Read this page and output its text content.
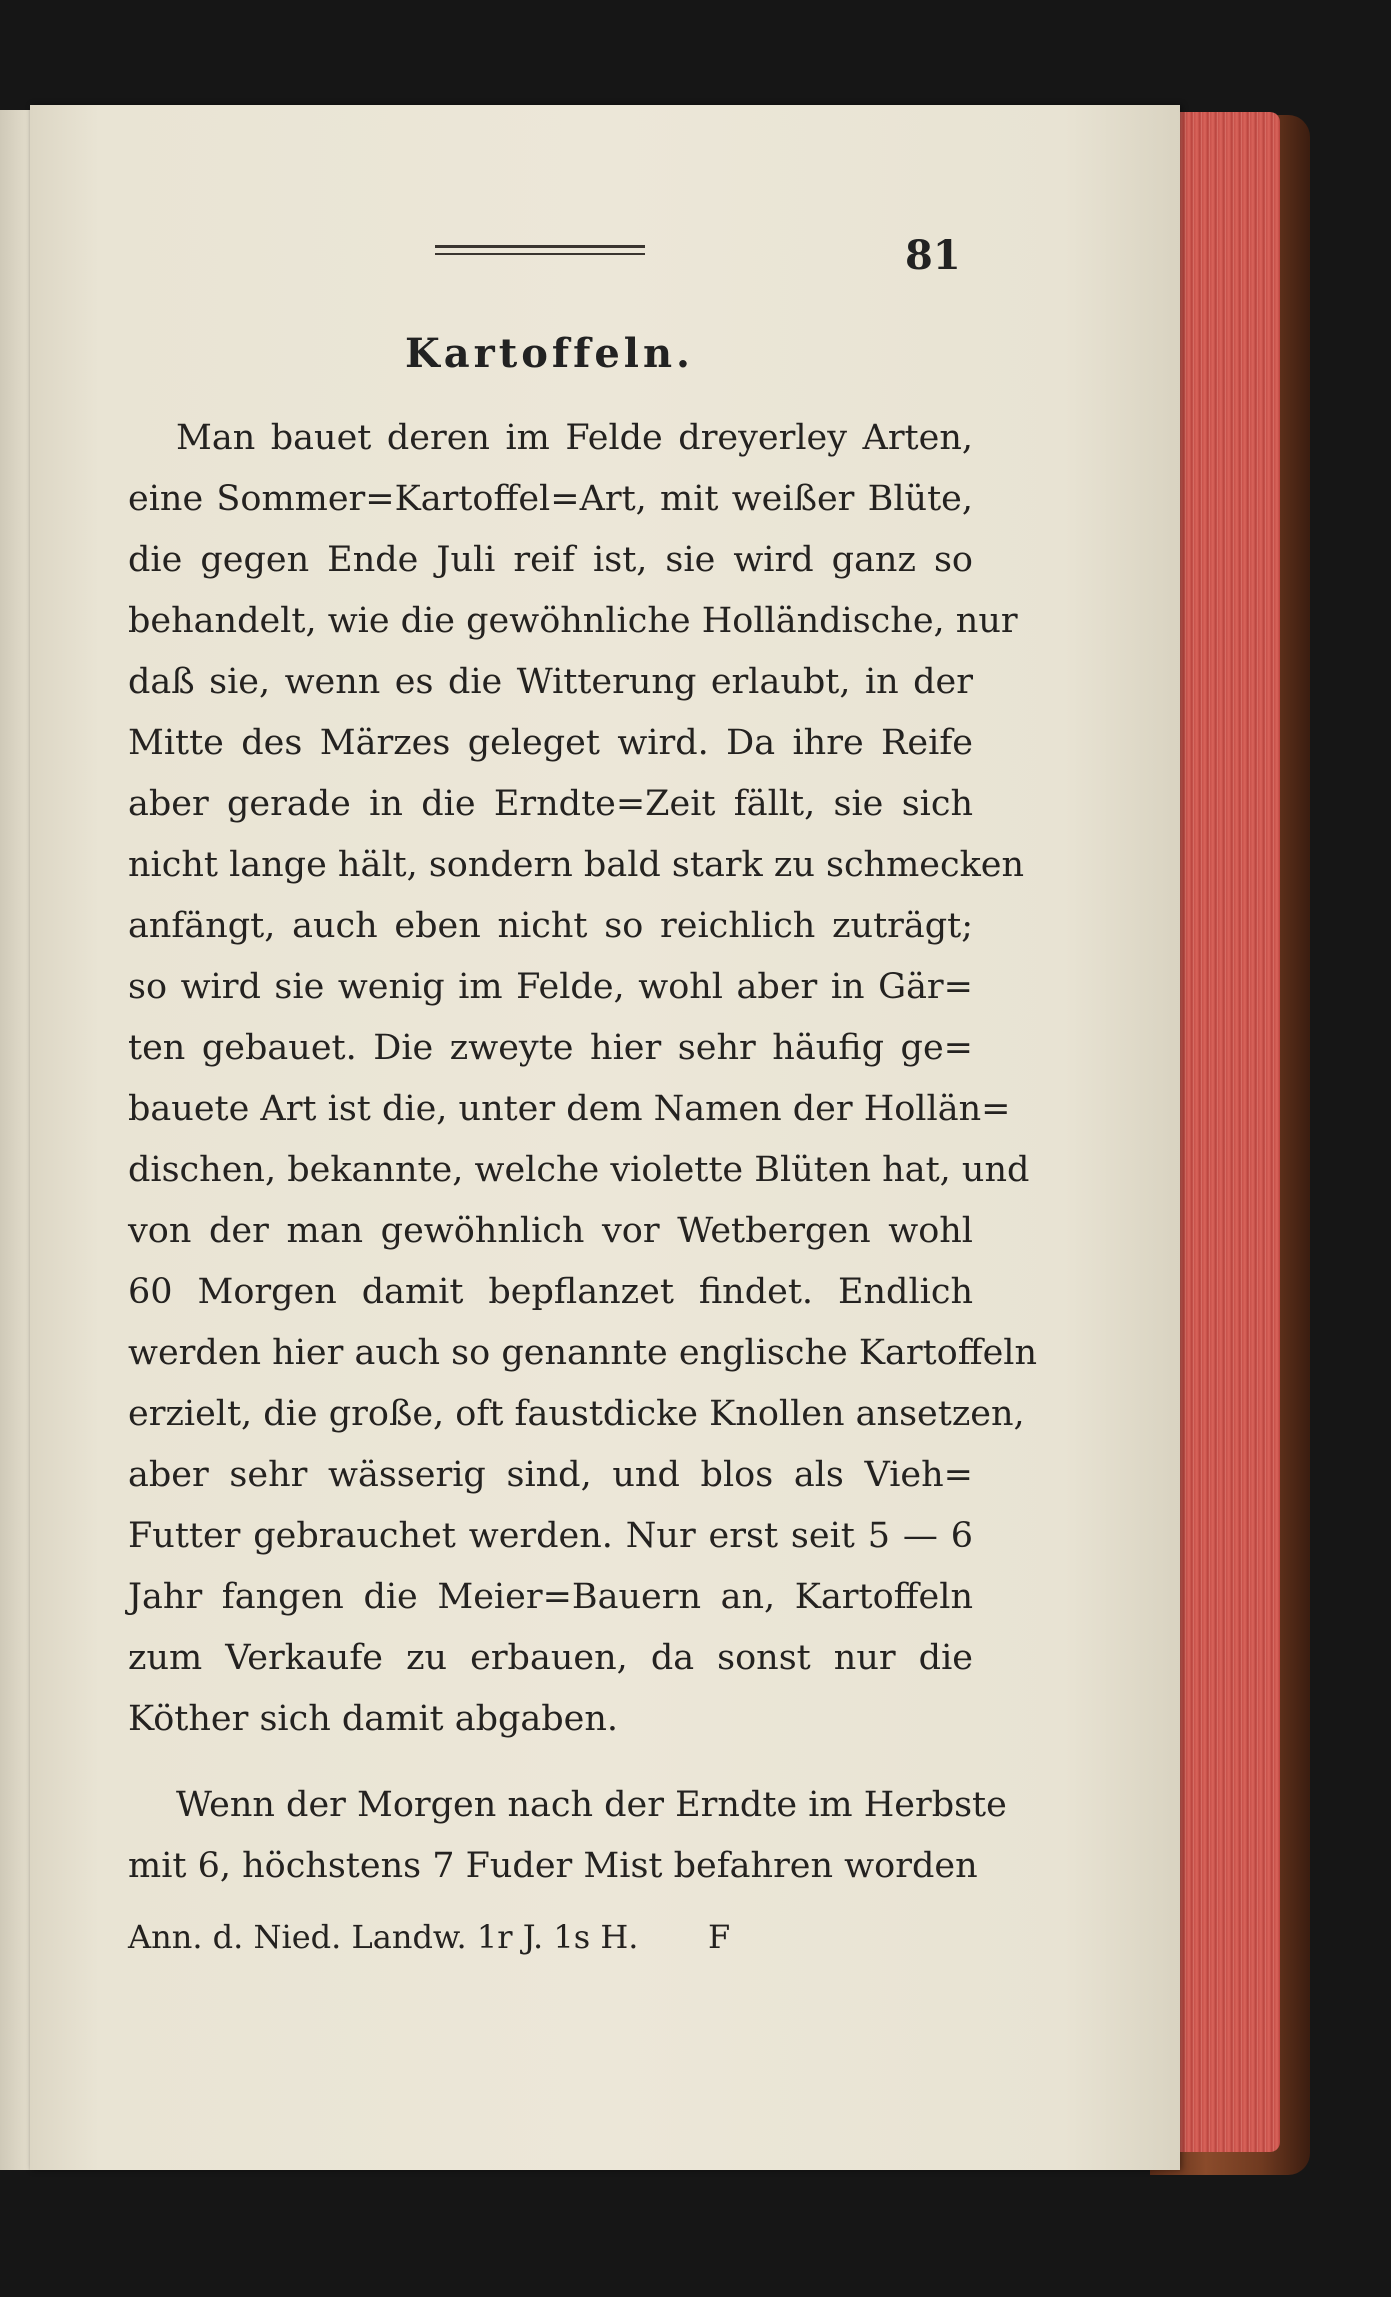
81
Kartoffeln.
Man bauet deren im Felde dreyerley Arten,
eine Sommer=Kartoffel=Art, mit weißer Blüte,
die gegen Ende Juli reif ist, sie wird ganz so
behandelt, wie die gewöhnliche Holländische, nur
daß sie, wenn es die Witterung erlaubt, in der
Mitte des Märzes geleget wird. Da ihre Reife
aber gerade in die Erndte=Zeit fällt, sie sich
nicht lange hält, sondern bald stark zu schmecken
anfängt, auch eben nicht so reichlich zuträgt;
so wird sie wenig im Felde, wohl aber in Gär=
ten gebauet. Die zweyte hier sehr häufig ge=
bauete Art ist die, unter dem Namen der Hollän=
dischen, bekannte, welche violette Blüten hat, und
von der man gewöhnlich vor Wetbergen wohl
60 Morgen damit bepflanzet findet. Endlich
werden hier auch so genannte englische Kartoffeln
erzielt, die große, oft faustdicke Knollen ansetzen,
aber sehr wässerig sind, und blos als Vieh=
Futter gebrauchet werden. Nur erst seit 5 — 6
Jahr fangen die Meier=Bauern an, Kartoffeln
zum Verkaufe zu erbauen, da sonst nur die
Köther sich damit abgaben.
Wenn der Morgen nach der Erndte im Herbste
mit 6, höchstens 7 Fuder Mist befahren worden
Ann. d. Nied. Landw. 1r J. 1s H. F
